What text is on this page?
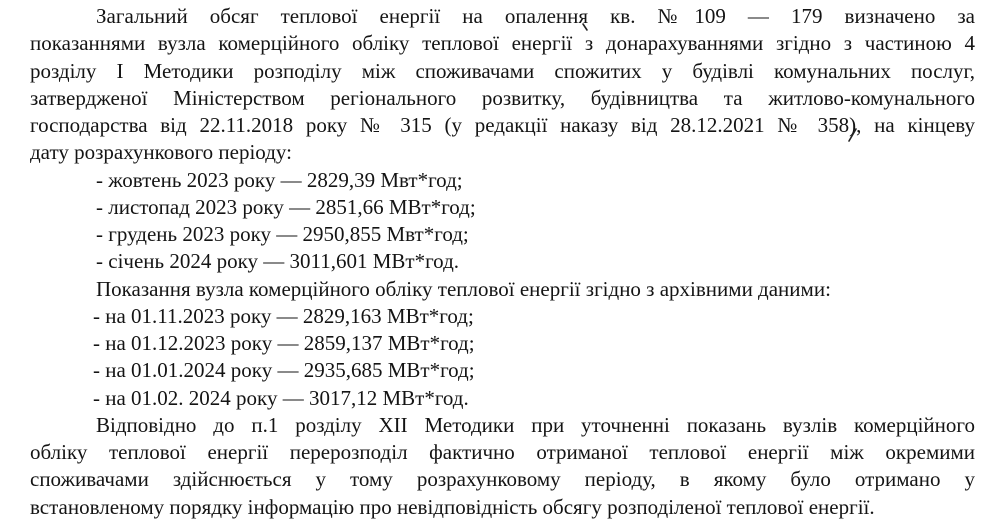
Загальний обсяг теплової енергії на опалення кв. №109 — 179 визначено за
показаннями вузла комерційного обліку теплової енергії з донарахуваннями згідно з частиною 4
розділу І Методики розподілу між споживачами спожитих у будівлі комунальних послуг,
затвердженої Міністерством регіонального розвитку, будівництва та житлово-комунального
господарства від 22.11.2018 року № 315 (у редакції наказу від 28.12.2021 № 358), на кінцеву
дату розрахункового періоду:
- жовтень 2023 року — 2829,39 Мвт*год;
- листопад 2023 року — 2851,66 МВт*год;
- грудень 2023 року — 2950,855 Мвт*год;
- січень 2024 року — 3011,601 МВт*год.
Показання вузла комерційного обліку теплової енергії згідно з архівними даними:
- на 01.11.2023 року — 2829,163 МВт*год;
- на 01.12.2023 року — 2859,137 МВт*год;
- на 01.01.2024 року — 2935,685 МВт*год;
- на 01.02. 2024 року — 3017,12 МВт*год.
Відповідно до п.1 розділу ХІІ Методики при уточненні показань вузлів комерційного
обліку теплової енергії перерозподіл фактично отриманої теплової енергії між окремими
споживачами здійснюється у тому розрахунковому періоду, в якому було отримано у
встановленому порядку інформацію про невідповідність обсягу розподіленої теплової енергії.
